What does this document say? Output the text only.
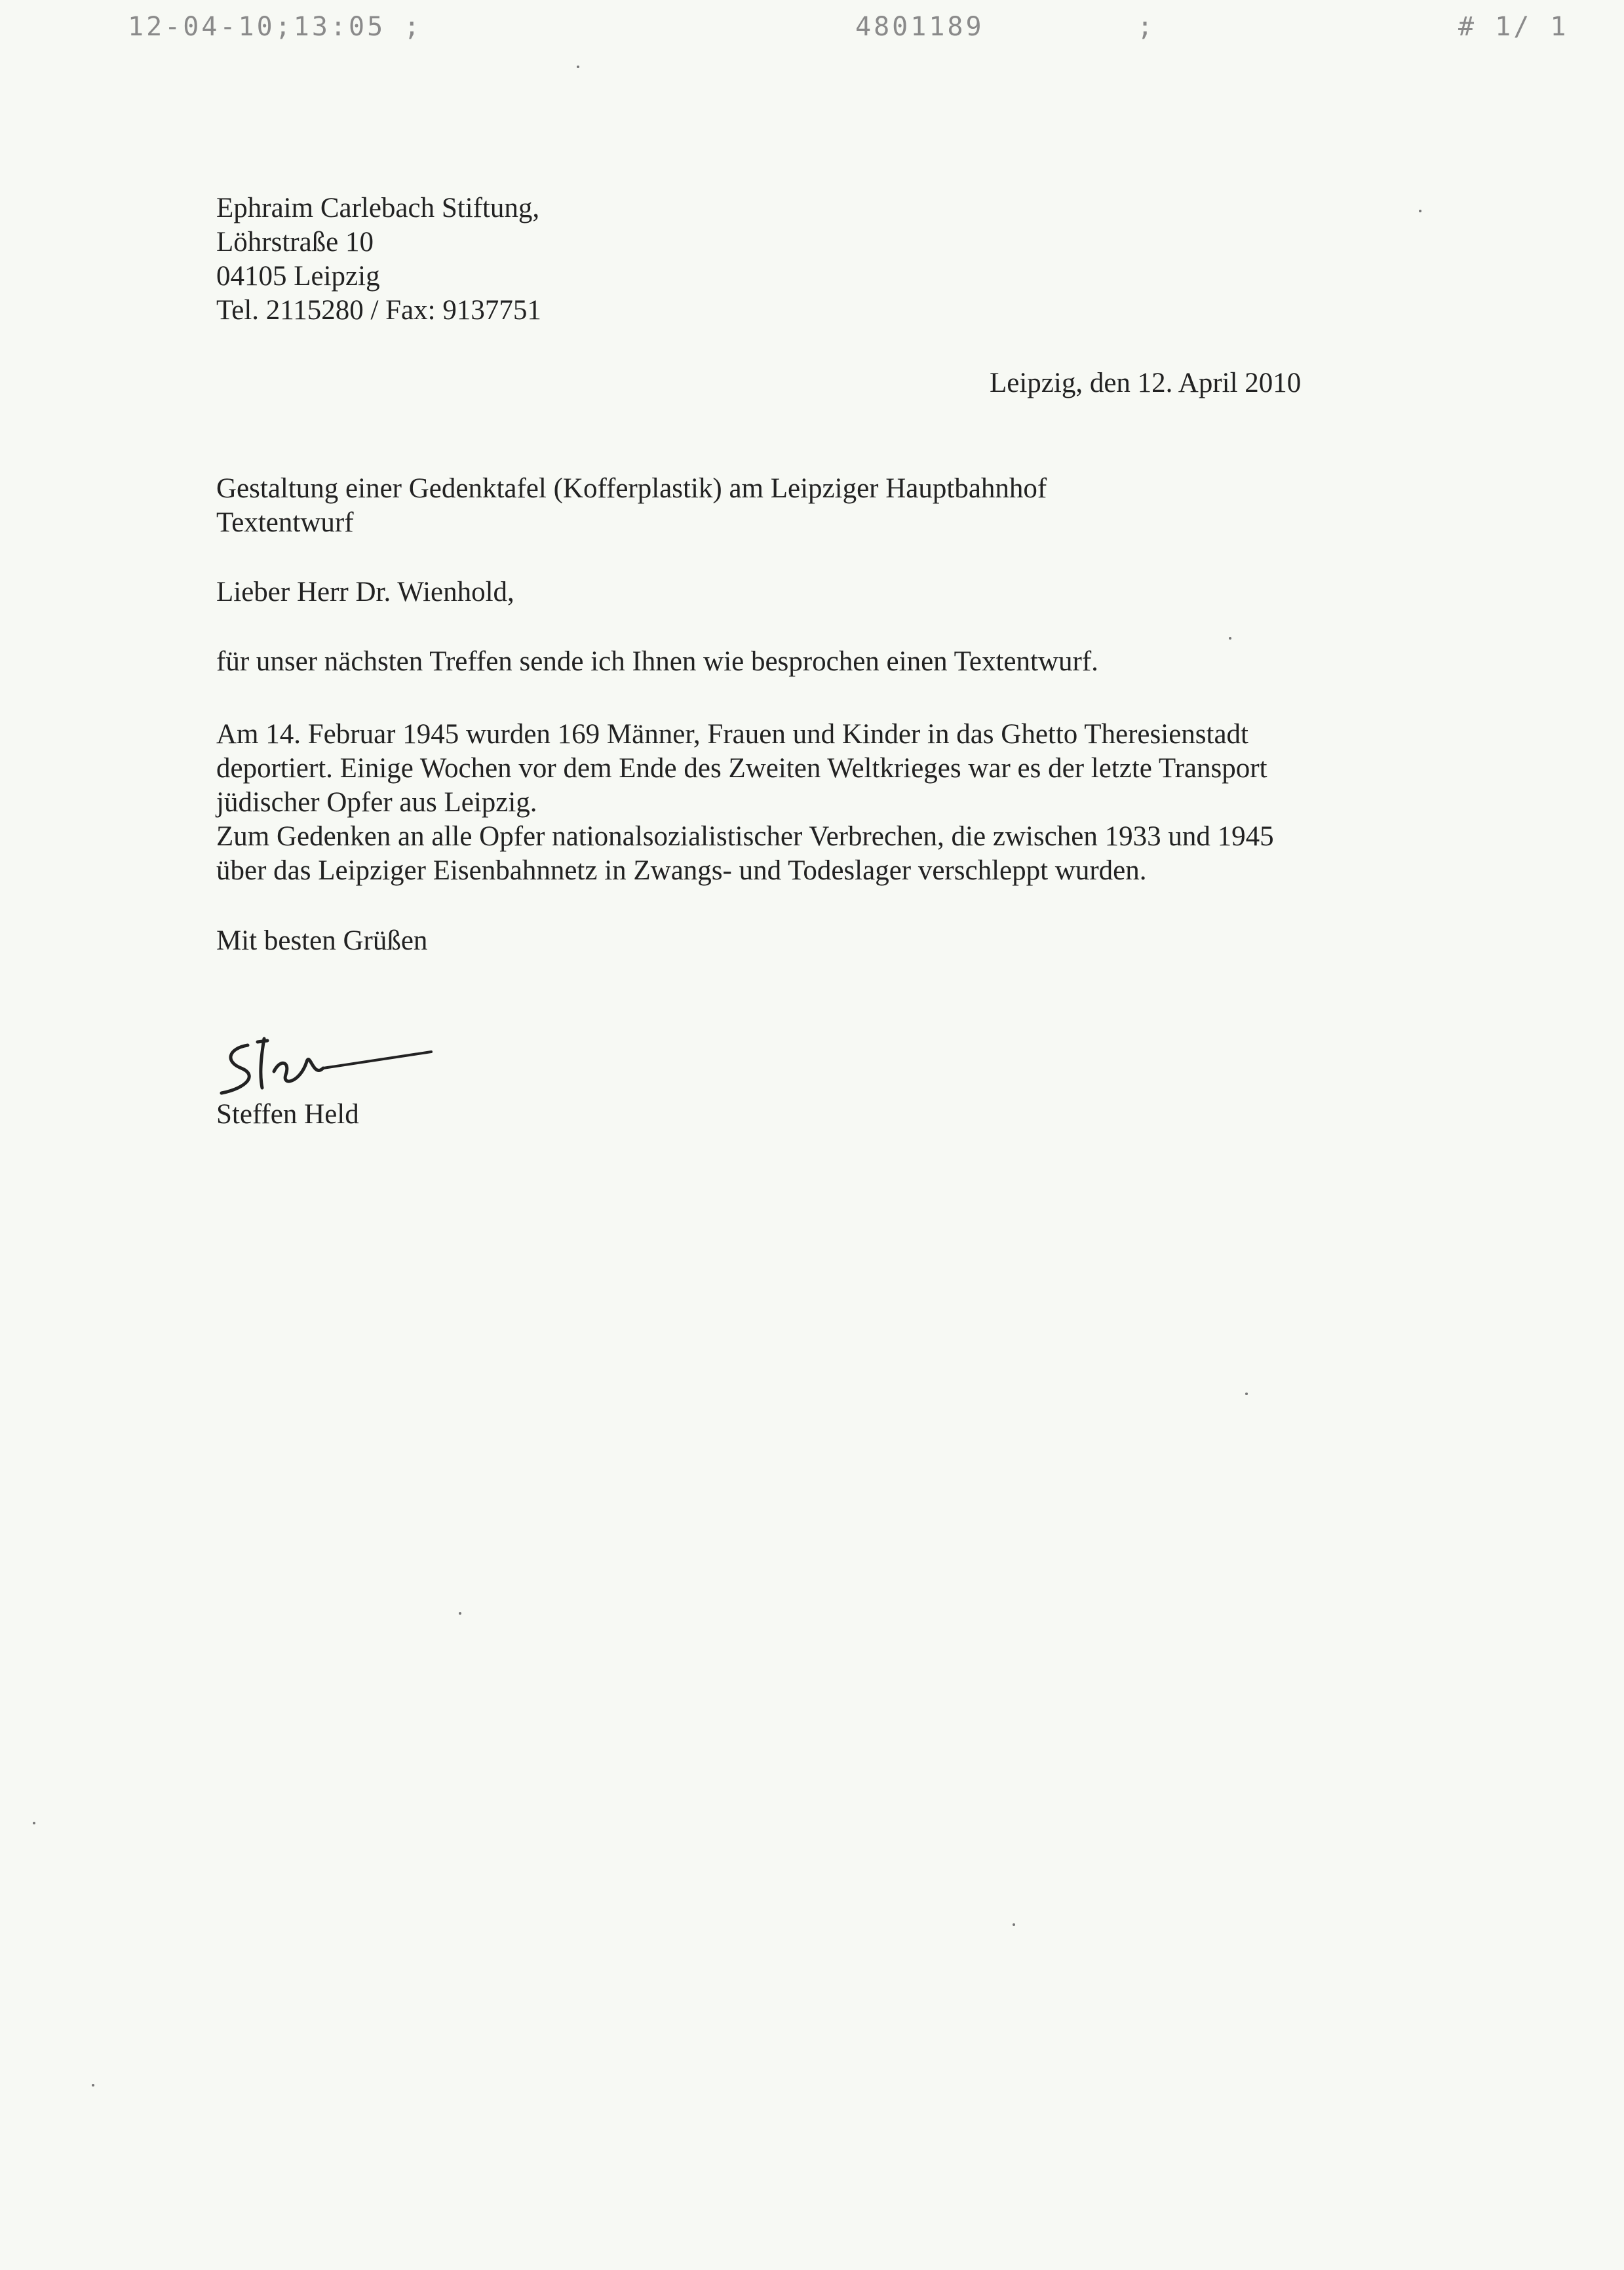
12-04-10;13:05 ;	4801189	;	# 1/ 1
Ephraim Carlebach Stiftung,
Löhrstraße 10
04105 Leipzig
Tel. 2115280 / Fax: 9137751
Leipzig, den 12. April 2010
Gestaltung einer Gedenktafel (Kofferplastik) am Leipziger Hauptbahnhof
Textentwurf
Lieber Herr Dr. Wienhold,
für unser nächsten Treffen sende ich Ihnen wie besprochen einen Textentwurf.
Am 14. Februar 1945 wurden 169 Männer, Frauen und Kinder in das Ghetto Theresienstadt
deportiert. Einige Wochen vor dem Ende des Zweiten Weltkrieges war es der letzte Transport
jüdischer Opfer aus Leipzig.
Zum Gedenken an alle Opfer nationalsozialistischer Verbrechen, die zwischen 1933 und 1945
über das Leipziger Eisenbahnnetz in Zwangs- und Todeslager verschleppt wurden.
Mit besten Grüßen
Steffen Held
